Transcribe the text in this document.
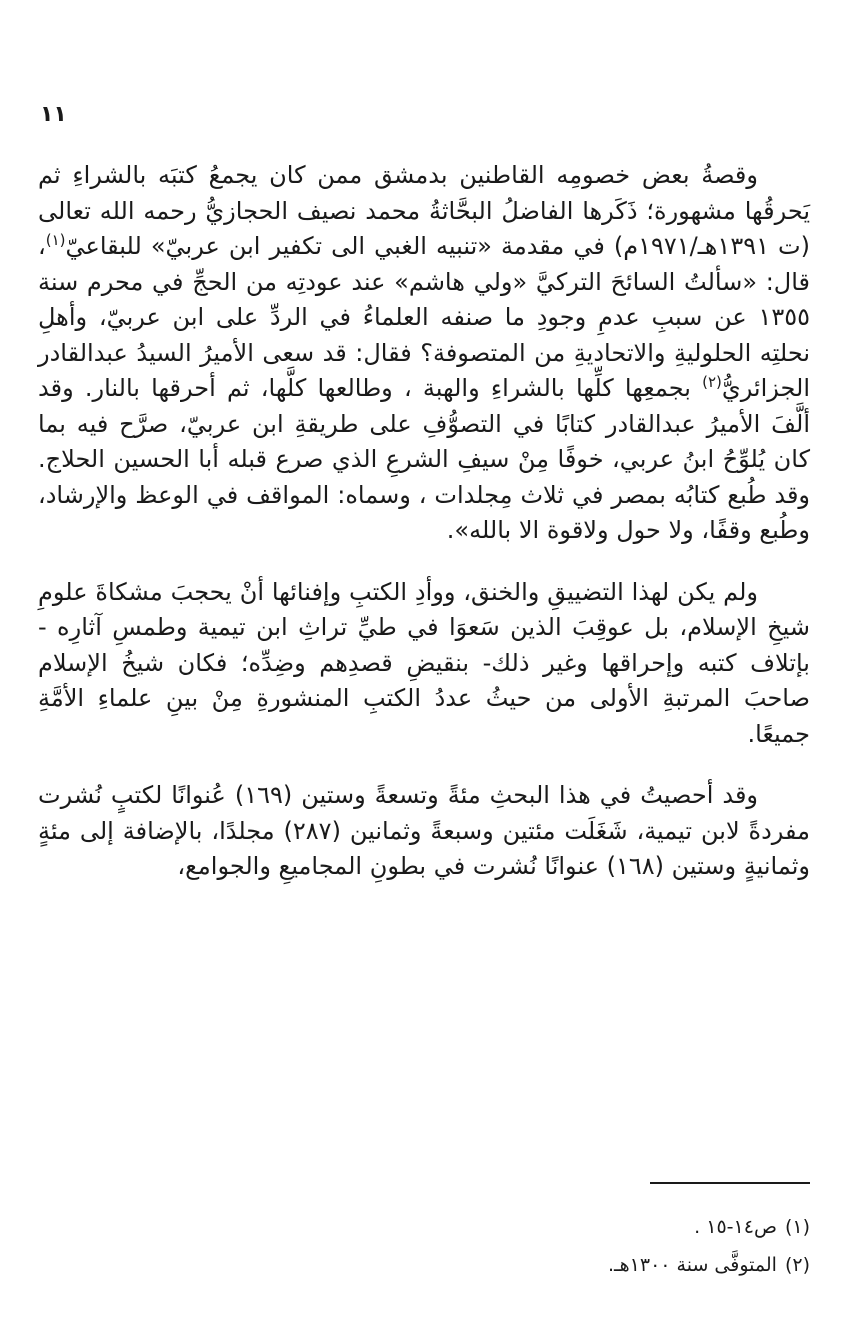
١١

وقصةُ بعض خصومِه القاطنين بدمشق ممن كان يجمعُ كتبَه بالشراءِ ثم يَحرقُها مشهورة؛ ذَكَرها الفاضلُ البحَّاثةُ محمد نصيف الحجازيُّ رحمه الله تعالى (ت ١٣٩١هـ/١٩٧١م) في مقدمة «تنبيه الغبي الى تكفير ابن عربيّ» للبقاعيّ$^{(١)}$، قال: «سألتُ السائحَ التركيَّ «ولي هاشم» عند عودتِه من الحجِّ في محرم سنة ١٣٥٥ عن سببِ عدمِ وجودِ ما صنفه العلماءُ في الردِّ على ابن عربيّ، وأهلِ نحلتِه الحلوليةِ والاتحاديةِ من المتصوفة؟ فقال: قد سعى الأميرُ السيدُ عبدالقادر الجزائريُّ$^{(٢)}$ بجمعِها كلِّها بالشراءِ والهبة ، وطالعها كلَّها، ثم أحرقها بالنار. وقد ألَّفَ الأميرُ عبدالقادر كتابًا في التصوُّفِ على طريقةِ ابن عربيّ، صرَّح فيه بما كان يُلوِّحُ ابنُ عربي، خوفًا مِنْ سيفِ الشرعِ الذي صرع قبله أبا الحسين الحلاج. وقد طُبع كتابُه بمصر في ثلاث مِجلدات ، وسماه: المواقف في الوعظ والإرشاد، وطُبع وقفًا، ولا حول ولاقوة الا بالله».

ولم يكن لهذا التضييقِ والخنق، ووأدِ الكتبِ وإفنائها أنْ يحجبَ مشكاةَ علومِ شيخِ الإسلام، بل عوقِبَ الذين سَعوَا في طيِّ تراثِ ابن تيمية وطمسِ آثارِه - بإتلاف كتبه وإحراقها وغير ذلك- بنقيضِ قصدِهم وضِدِّه؛ فكان شيخُ الإسلام صاحبَ المرتبةِ الأولى من حيثُ عددُ الكتبِ المنشورةِ مِنْ بينِ علماءِ الأمَّةِ جميعًا.

وقد أحصيتُ في هذا البحثِ مئةً وتسعةً وستين (١٦٩) عُنوانًا لكتبٍ نُشرت مفردةً لابن تيمية، شَغَلَت مئتين وسبعةً وثمانين (٢٨٧) مجلدًا، بالإضافة إلى مئةٍ وثمانيةٍ وستين (١٦٨) عنوانًا نُشرت في بطونِ المجاميعِ والجوامع،

(١)ص١٤-١٥ .
(٢)المتوفَّى سنة ١٣٠٠هـ.
